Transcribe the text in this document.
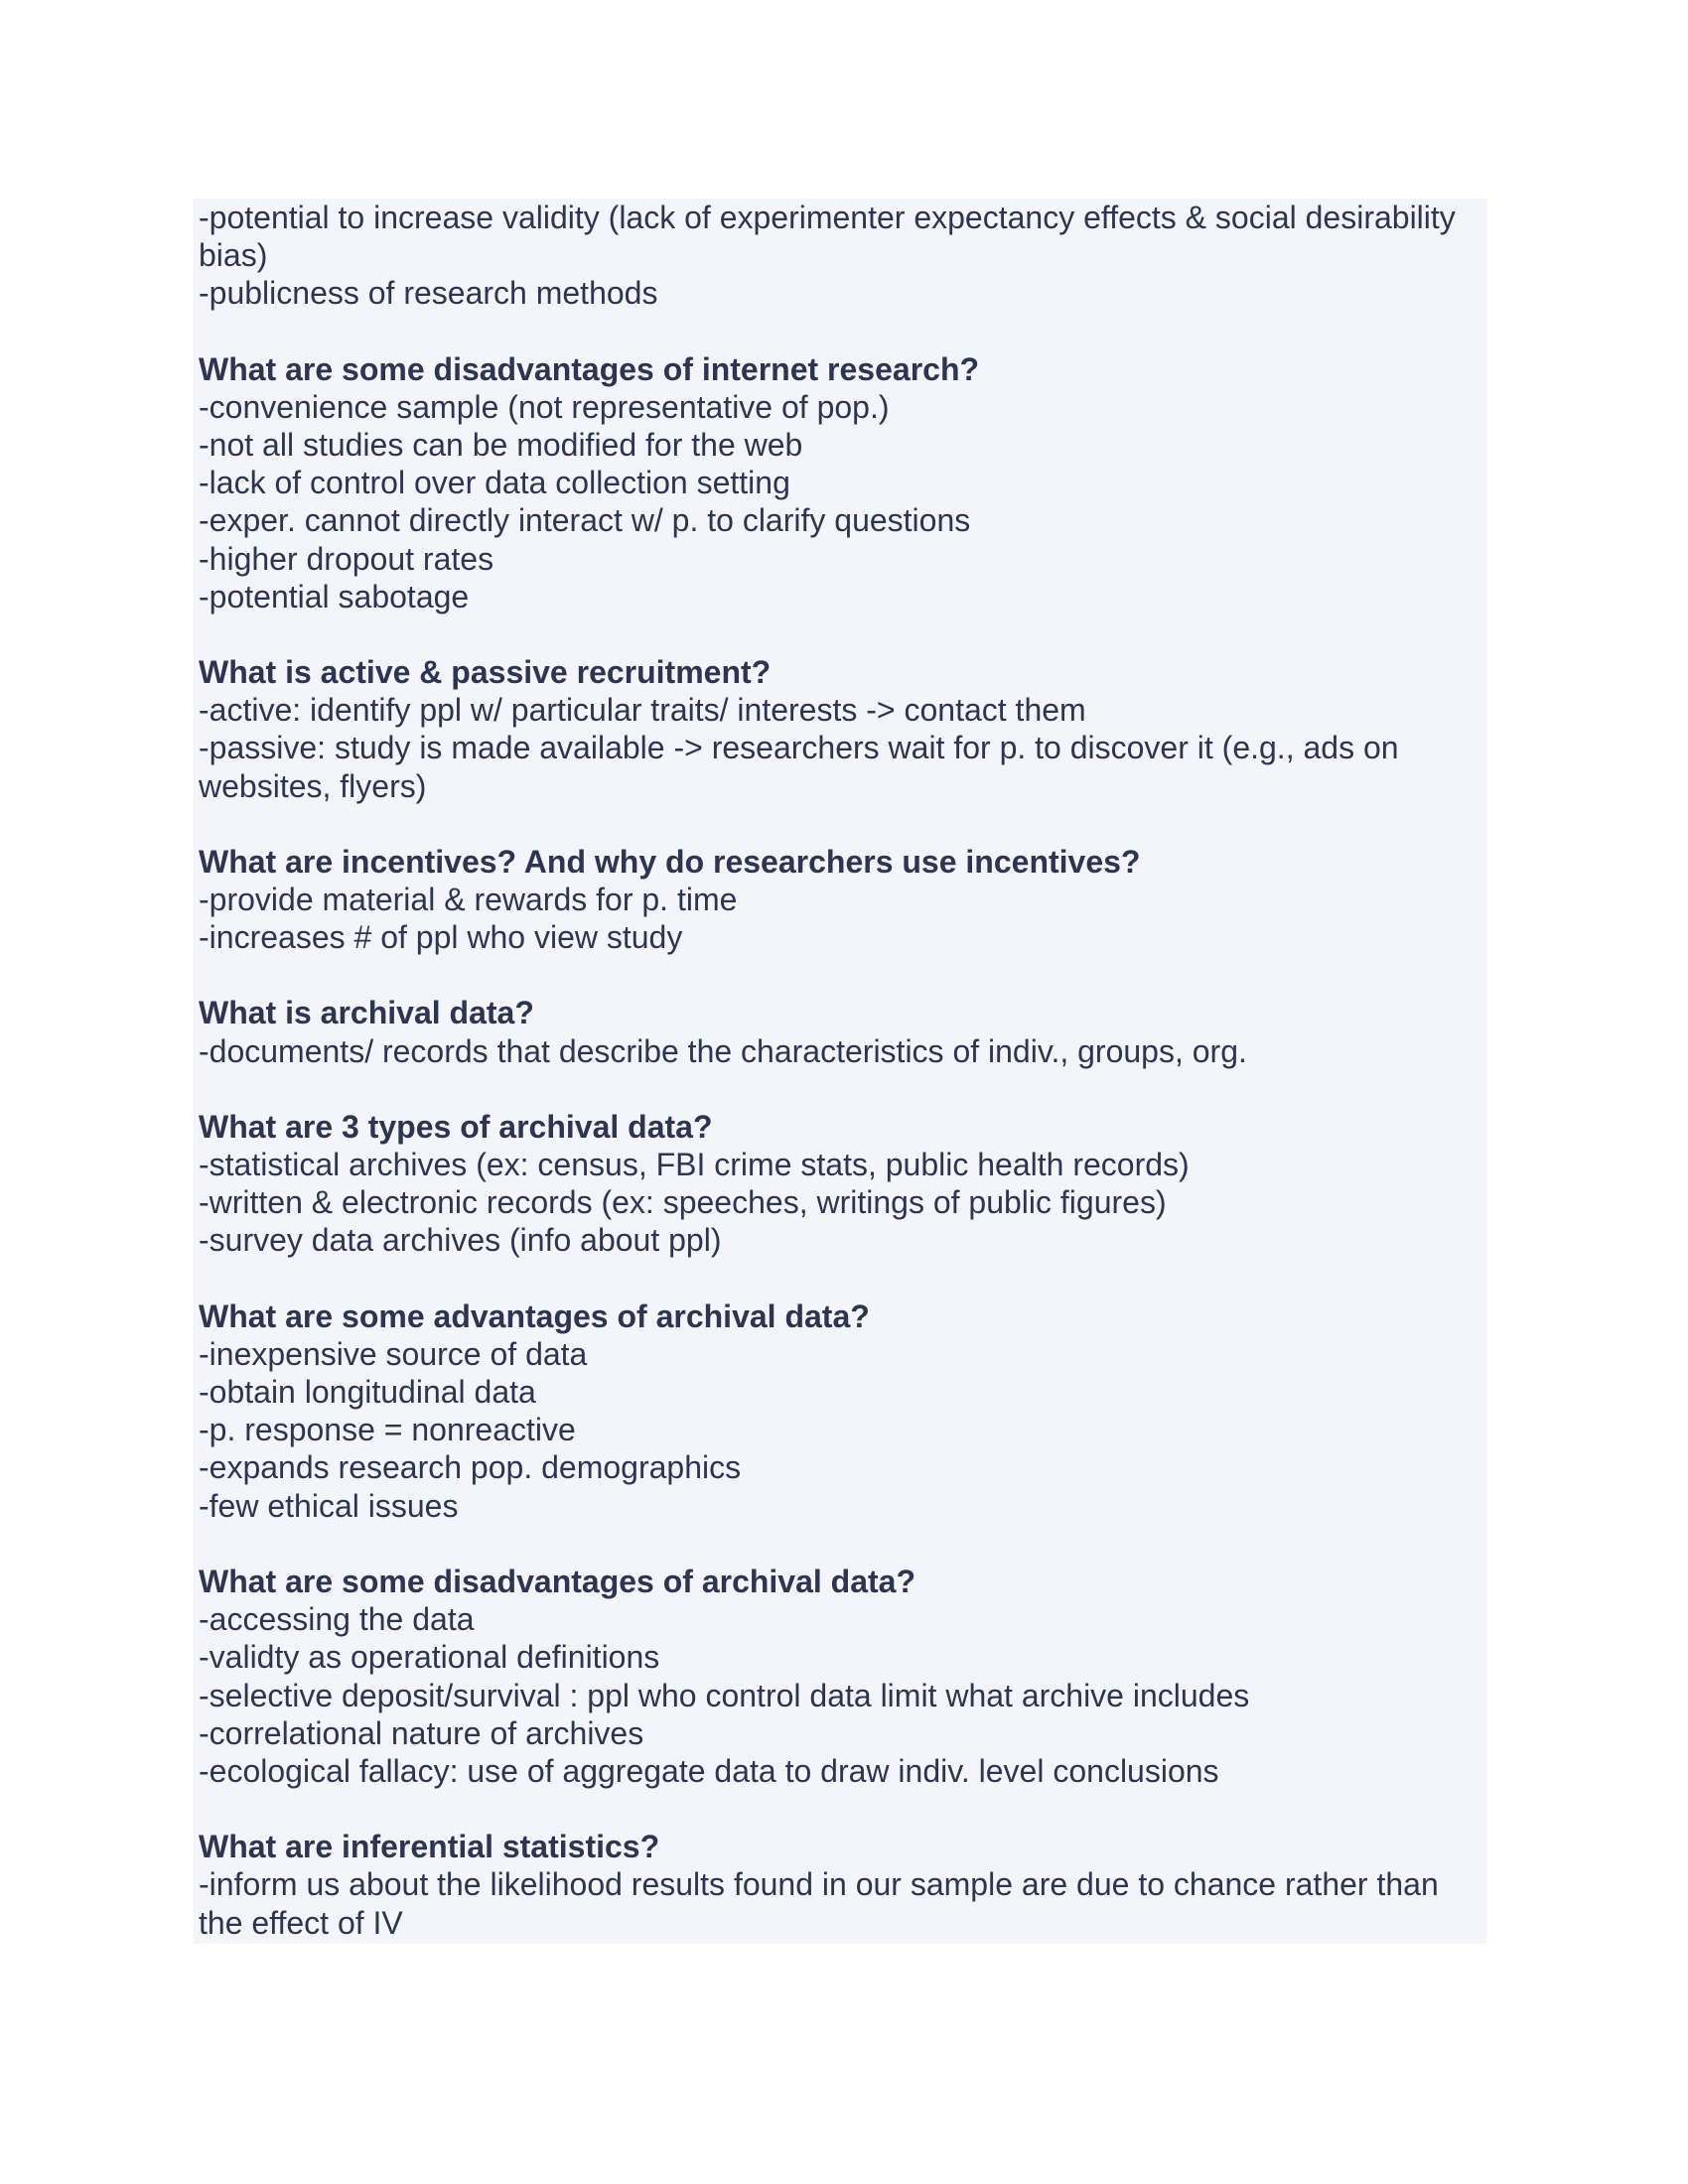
-potential to increase validity (lack of experimenter expectancy effects & social desirability bias)

-publicness of research methods

What are some disadvantages of internet research?

-convenience sample (not representative of pop.)

-not all studies can be modified for the web

-lack of control over data collection setting

-exper. cannot directly interact w/ p. to clarify questions

-higher dropout rates

-potential sabotage

What is active & passive recruitment?

-active: identify ppl w/ particular traits/ interests -> contact them

-passive: study is made available -> researchers wait for p. to discover it (e.g., ads on websites, flyers)

What are incentives? And why do researchers use incentives?

-provide material & rewards for p. time

-increases # of ppl who view study

What is archival data?

-documents/ records that describe the characteristics of indiv., groups, org.

What are 3 types of archival data?

-statistical archives (ex: census, FBI crime stats, public health records)

-written & electronic records (ex: speeches, writings of public figures)

-survey data archives (info about ppl)

What are some advantages of archival data?

-inexpensive source of data

-obtain longitudinal data

-p. response = nonreactive

-expands research pop. demographics

-few ethical issues

What are some disadvantages of archival data?

-accessing the data

-validty as operational definitions

-selective deposit/survival : ppl who control data limit what archive includes

-correlational nature of archives

-ecological fallacy: use of aggregate data to draw indiv. level conclusions

What are inferential statistics?

-inform us about the likelihood results found in our sample are due to chance rather than the effect of IV
